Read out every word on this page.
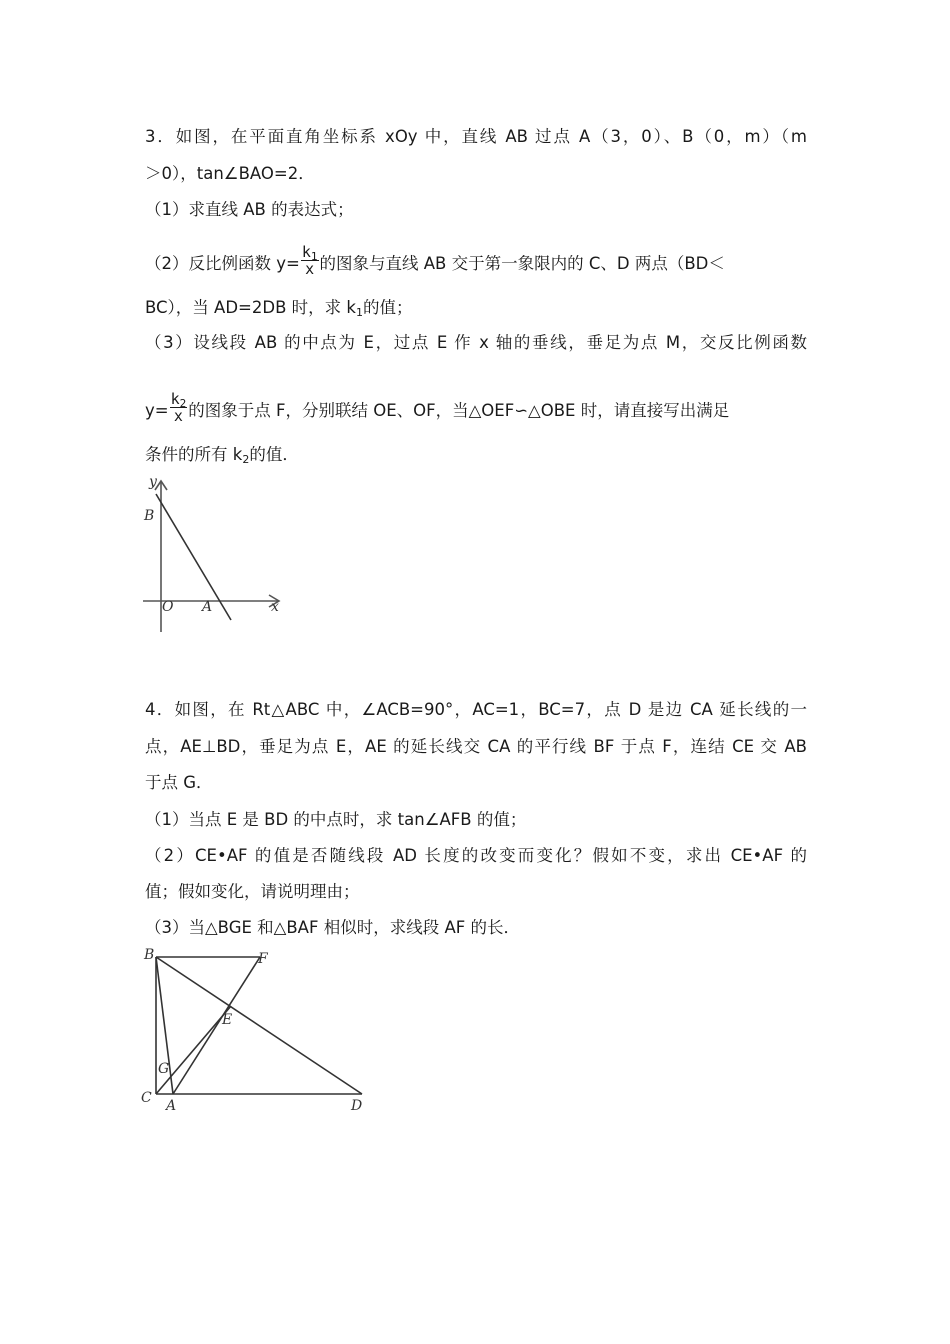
3．如图，在平面直角坐标系 xOy 中，直线 AB 过点 A（3，0）、B（0，m）（m
＞0），tan∠BAO=2．
（1）求直线 AB 的表达式；
（2）反比例函数 $y= \frac{k_1}{x}$ 的图象与直线 AB 交于第一象限内的 C、D 两点（BD＜
BC），当 AD=2DB 时，求 $k_1$的值；
（3）设线段 AB 的中点为 E，过点 E 作 x 轴的垂线，垂足为点 M，交反比例函数
$y= \frac{k_2}{x}$ 的图象于点 F，分别联结 OE、OF，当△OEF∽△OBE 时，请直接写出满足
条件的所有 $k_2$的值．
y
B
O A	x
4．如图，在 Rt△ABC 中，∠ACB=90°，AC=1，BC=7，点 D 是边 CA 延长线的一
点，AE⊥BD，垂足为点 E，AE 的延长线交 CA 的平行线 BF 于点 F，连结 CE 交 AB
于点 G．
（1）当点 E 是 BD 的中点时，求 tan∠AFB 的值；
（2）CE•AF 的值是否随线段 AD 长度的改变而变化？假如不变，求出 CE•AF 的
值；假如变化，请说明理由；
（3）当△BGE 和△BAF 相似时，求线段 AF 的长．
B	F
E
G
C A	D
